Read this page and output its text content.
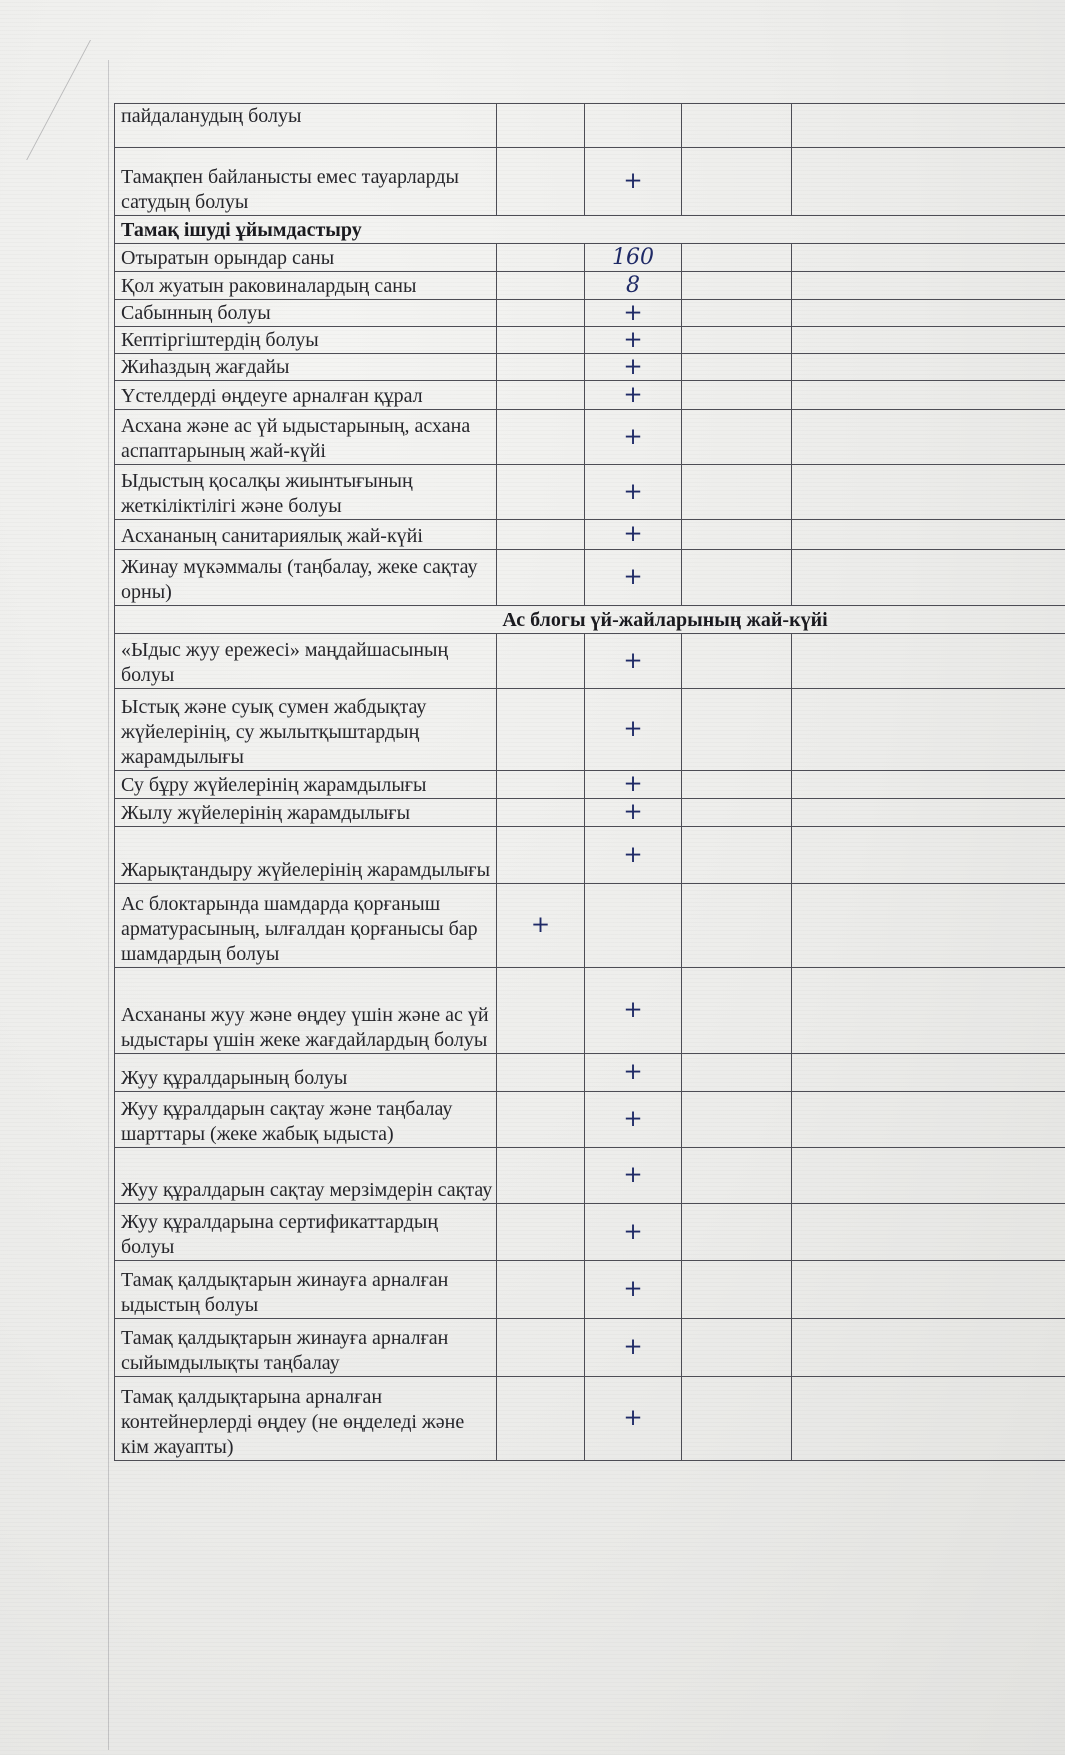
пайдаланудың болуы				
Тамақпен байланысты емес тауарларды сатудың болуы		+		
Тамақ ішуді ұйымдастыру				
Отыратын орындар саны		160		
Қол жуатын раковиналардың саны		8		
Сабынның болуы		+		
Кептіргіштердің болуы		+		
Жиһаздың жағдайы		+		
Үстелдерді өңдеуге арналған құрал		+		
Асхана және ас үй ыдыстарының, асхана аспаптарының жай-күйі		+		
Ыдыстың қосалқы жиынтығының жеткіліктілігі және болуы		+		
Асхананың санитариялық жай-күйі		+		
Жинау мүкәммалы (таңбалау, жеке сақтау орны)		+		
Ас блогы үй-жайларының жай-күйі				
«Ыдыс жуу ережесі» маңдайшасының болуы		+		
Ыстық және суық сумен жабдықтау жүйелерінің, су жылытқыштардың жарамдылығы		+		
Су бұру жүйелерінің жарамдылығы		+		
Жылу жүйелерінің жарамдылығы		+		
Жарықтандыру жүйелерінің жарамдылығы		+		
Ас блоктарында шамдарда қорғаныш арматурасының, ылғалдан қорғанысы бар шамдардың болуы	+			
Асхананы жуу және өңдеу үшін және ас үй ыдыстары үшін жеке жағдайлардың болуы		+		
Жуу құралдарының болуы		+		
Жуу құралдарын сақтау және таңбалау шарттары (жеке жабық ыдыста)		+		
Жуу құралдарын сақтау мерзімдерін сақтау		+		
Жуу құралдарына сертификаттардың болуы		+		
Тамақ қалдықтарын жинауға арналған ыдыстың болуы		+		
Тамақ қалдықтарын жинауға арналған сыйымдылықты таңбалау		+		
Тамақ қалдықтарына арналған контейнерлерді өңдеу (не өңделеді және кім жауапты)		+		
